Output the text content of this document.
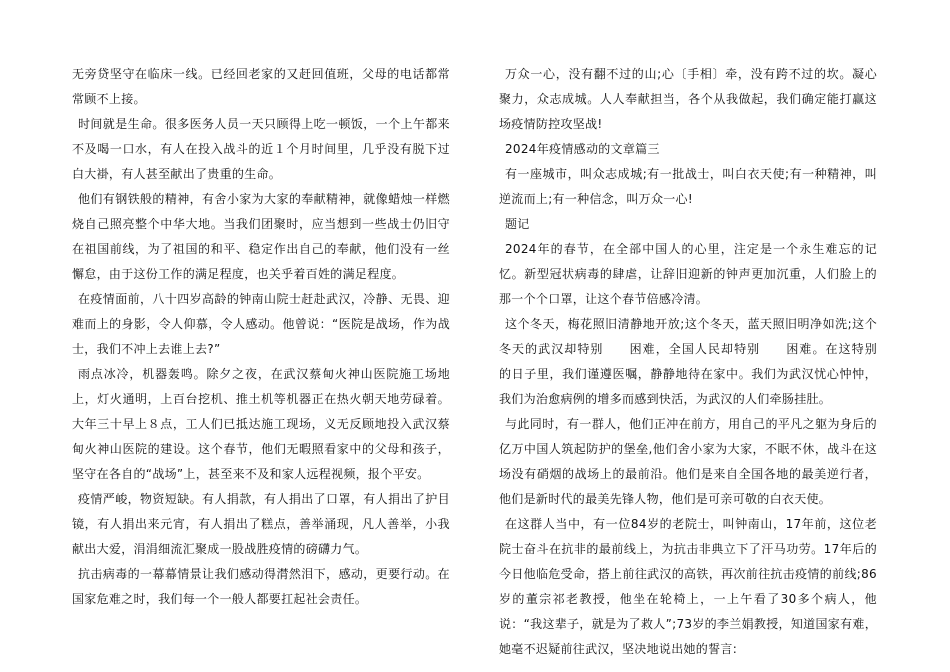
无旁贷坚守在临床一线。已经回老家的又赶回值班，父母的电话都常常顾不上接。

时间就是生命。很多医务人员一天只顾得上吃一顿饭，一个上午都来不及喝一口水，有人在投入战斗的近１个月时间里，几乎没有脱下过白大褂，有人甚至献出了贵重的生命。

他们有钢铁般的精神，有舍小家为大家的奉献精神，就像蜡烛一样燃烧自己照亮整个中华大地。当我们团聚时，应当想到一些战士仍旧守在祖国前线，为了祖国的和平、稳定作出自己的奉献，他们没有一丝懈怠，由于这份工作的满足程度，也关乎着百姓的满足程度。

在疫情面前，八十四岁高龄的钟南山院士赶赴武汉，冷静、无畏、迎难而上的身影，令人仰慕，令人感动。他曾说：“医院是战场，作为战士，我们不冲上去谁上去?”

雨点冰冷，机器轰鸣。除夕之夜，在武汉蔡甸火神山医院施工场地上，灯火通明，上百台挖机、推土机等机器正在热火朝天地劳碌着。大年三十早上８点，工人们已抵达施工现场，义无反顾地投入武汉蔡甸火神山医院的建设。这个春节，他们无暇照看家中的父母和孩子，坚守在各自的“战场”上，甚至来不及和家人远程视频，报个平安。

疫情严峻，物资短缺。有人捐款，有人捐出了口罩，有人捐出了护目镜，有人捐出来元宵，有人捐出了糕点，善举涌现，凡人善举，小我献出大爱，涓涓细流汇聚成一股战胜疫情的磅礴力气。

抗击病毒的一幕幕情景让我们感动得潸然泪下，感动，更要行动。在国家危难之时，我们每一个一般人都要扛起社会责任。

万众一心，没有翻不过的山;心〔手相〕牵，没有跨不过的坎。凝心聚力，众志成城。人人奉献担当，各个从我做起，我们确定能打赢这场疫情防控攻坚战!

2024年疫情感动的文章篇三

有一座城市，叫众志成城;有一批战士，叫白衣天使;有一种精神，叫逆流而上;有一种信念，叫万众一心!

题记

2024年的春节，在全部中国人的心里，注定是一个永生难忘的记忆。新型冠状病毒的肆虐，让辞旧迎新的钟声更加沉重，人们脸上的那一个个口罩，让这个春节倍感冷清。

这个冬天，梅花照旧清静地开放;这个冬天，蓝天照旧明净如洗;这个冬天的武汉却特别　　困难，全国人民却特别　　困难。在这特别　　的日子里，我们谨遵医嘱，静静地待在家中。我们为武汉忧心忡忡，我们为治愈病例的增多而感到快活，为武汉的人们牵肠挂肚。

与此同时，有一群人，他们正冲在前方，用自己的平凡之躯为身后的亿万中国人筑起防护的堡垒,他们舍小家为大家，不眠不休，战斗在这场没有硝烟的战场上的最前沿。他们是来自全国各地的最美逆行者，他们是新时代的最美先锋人物，他们是可亲可敬的白衣天使。

在这群人当中，有一位84岁的老院士，叫钟南山，17年前，这位老院士奋斗在抗非的最前线上，为抗击非典立下了汗马功劳。17年后的今日他临危受命，搭上前往武汉的高铁，再次前往抗击疫情的前线;86岁的董宗祁老教授，他坐在轮椅上，一上午看了30多个病人，他说：“我这辈子，就是为了救人”;73岁的李兰娟教授，知道国家有难，她毫不迟疑前往武汉，坚决地说出她的誓言:
